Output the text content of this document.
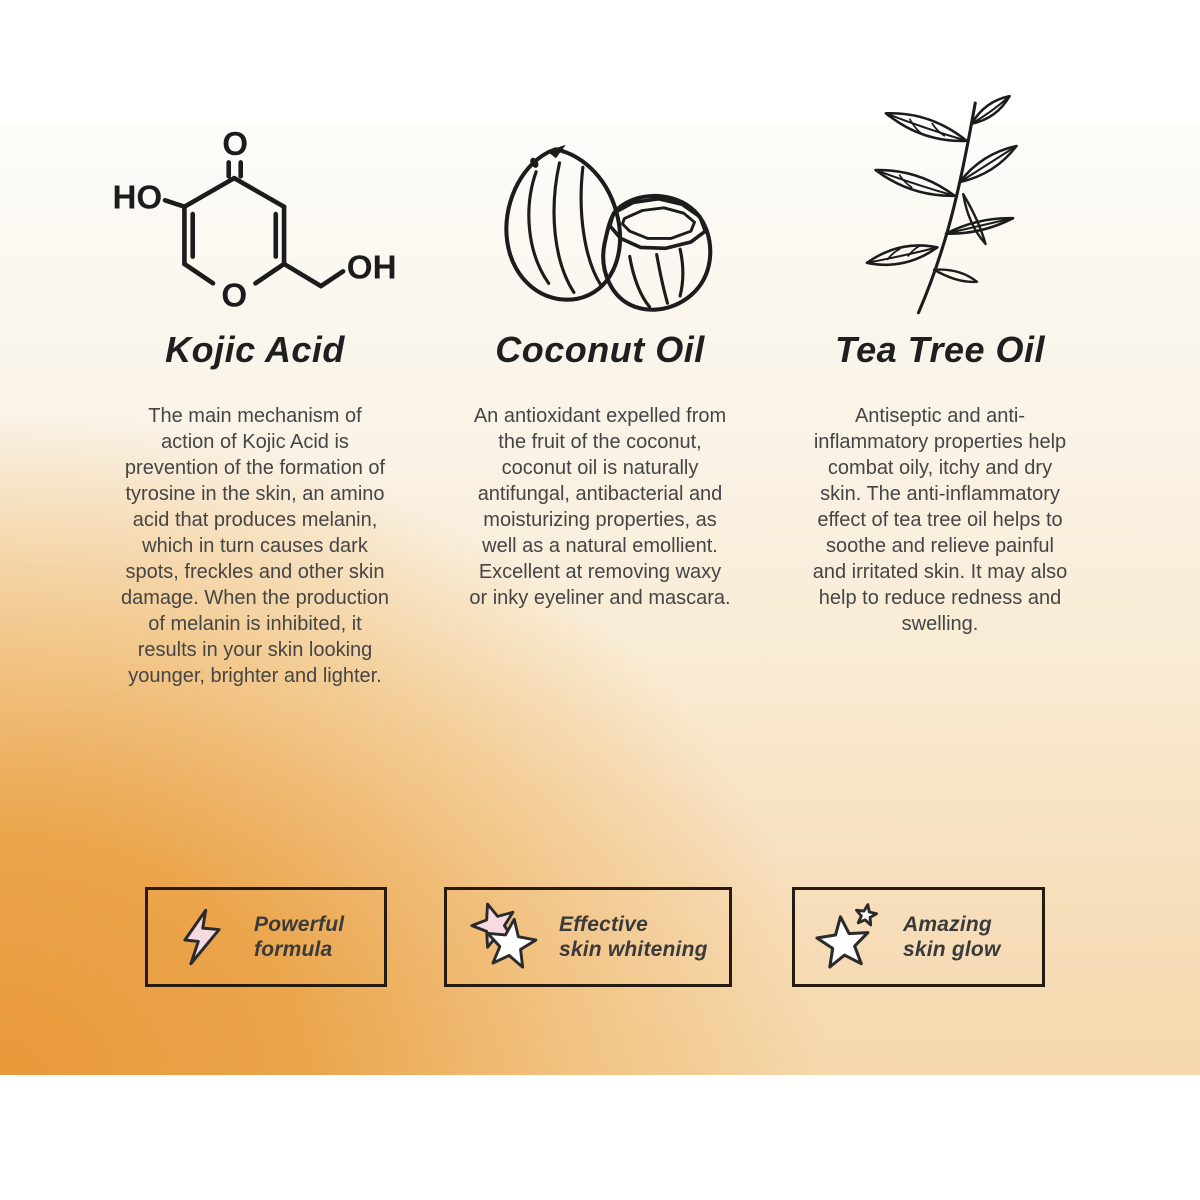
O
O
HO
OH
Kojic Acid

The main mechanism of action of Kojic Acid is prevention of the formation of tyrosine in the skin, an amino acid that produces melanin, which in turn causes dark spots, freckles and other skin damage. When the production of melanin is inhibited, it results in your skin looking younger, brighter and lighter.

Coconut Oil

An antioxidant expelled from the fruit of the coconut, coconut oil is naturally antifungal, antibacterial and moisturizing properties, as well as a natural emollient. Excellent at removing waxy or inky eyeliner and mascara.

Tea Tree Oil

Antiseptic and anti-inflammatory properties help combat oily, itchy and dry skin. The anti-inflammatory effect of tea tree oil helps to soothe and relieve painful and irritated skin. It may also help to reduce redness and swelling.

Powerful
formula
Effective
skin whitening
Amazing
skin glow
